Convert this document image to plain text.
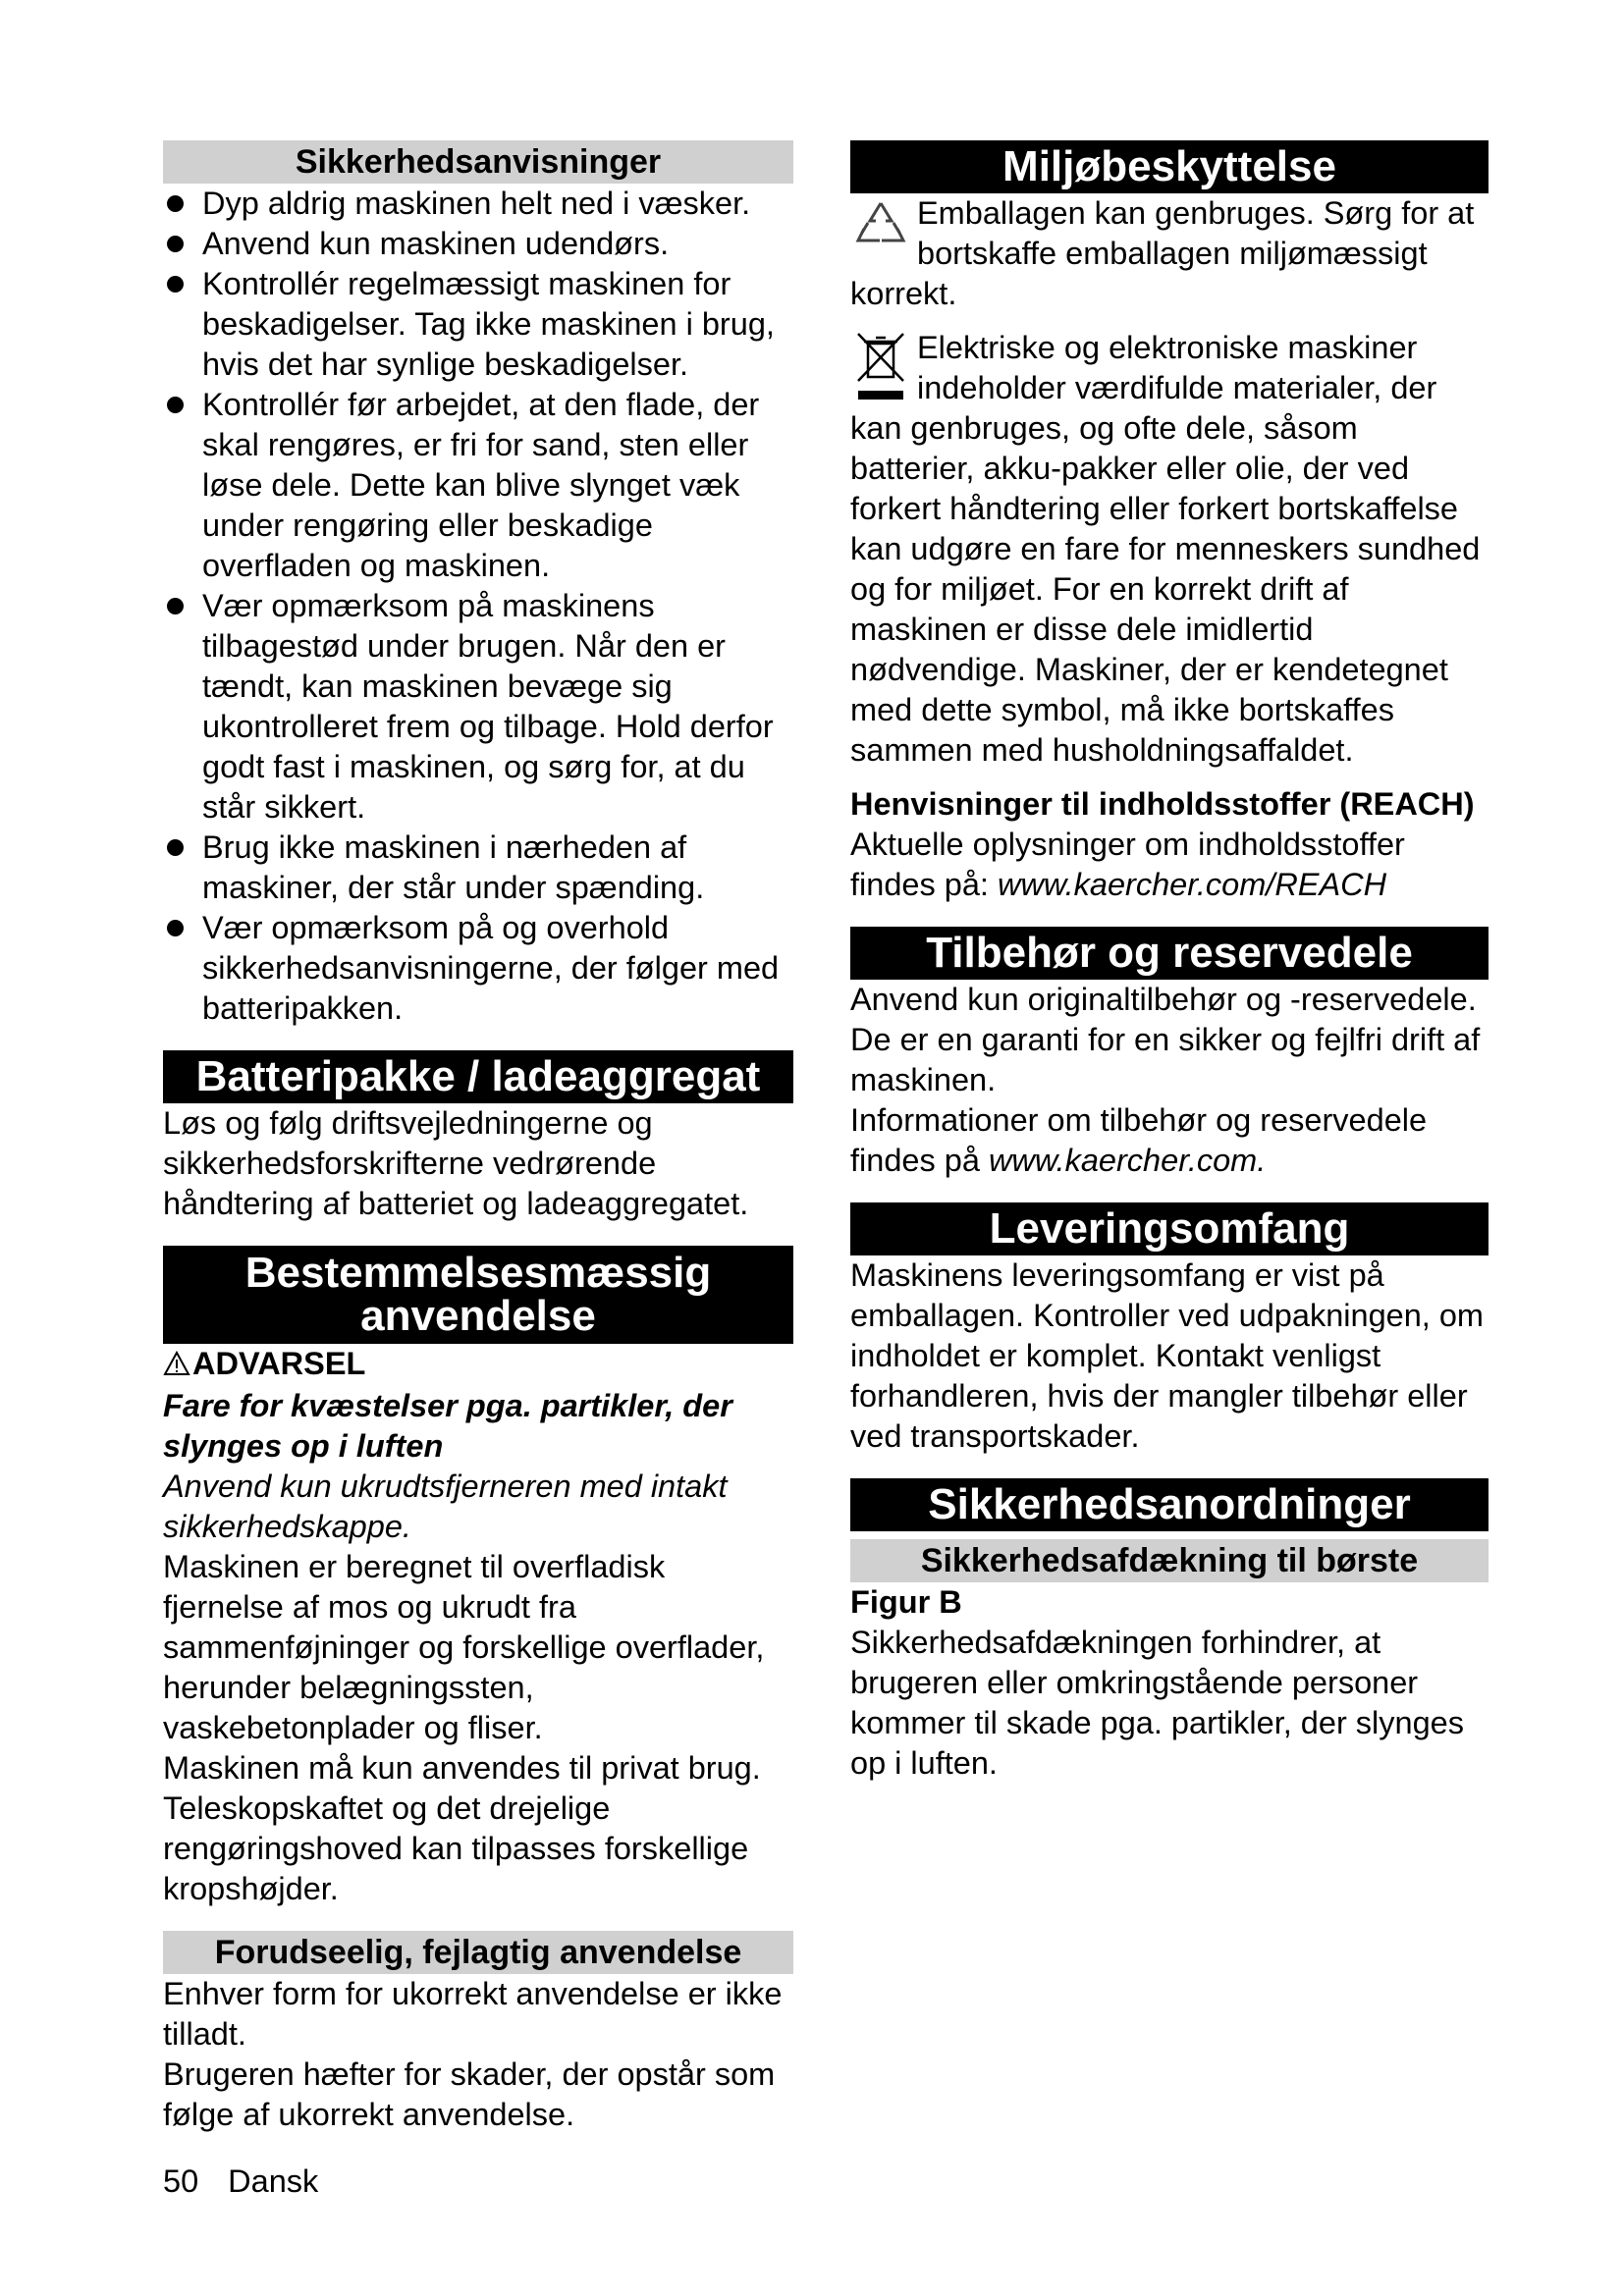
Sikkerhedsanvisninger
Dyp aldrig maskinen helt ned i væsker.
Anvend kun maskinen udendørs.
Kontrollér regelmæssigt maskinen for beskadigelser. Tag ikke maskinen i brug, hvis det har synlige beskadigelser.
Kontrollér før arbejdet, at den flade, der skal rengøres, er fri for sand, sten eller løse dele. Dette kan blive slynget væk under rengøring eller beskadige overfladen og maskinen.
Vær opmærksom på maskinens tilbagestød under brugen. Når den er tændt, kan maskinen bevæge sig ukontrolleret frem og tilbage. Hold derfor godt fast i maskinen, og sørg for, at du står sikkert.
Brug ikke maskinen i nærheden af maskiner, der står under spænding.
Vær opmærksom på og overhold sikkerhedsanvisningerne, der følger med batteripakken.
Batteripakke / ladeaggregat

Løs og følg driftsvejledningerne og sikkerhedsforskrifterne vedrørende håndtering af batteriet og ladeaggregatet.

Bestemmelsesmæssig
anvendelse

ADVARSEL

Fare for kvæstelser pga. partikler, der slynges op i luften

Anvend kun ukrudtsfjerneren med intakt sikkerhedskappe.

Maskinen er beregnet til overfladisk fjernelse af mos og ukrudt fra sammenføjninger og forskellige overflader, herunder belægningssten, vaskebetonplader og fliser.

Maskinen må kun anvendes til privat brug.

Teleskopskaftet og det drejelige rengøringshoved kan tilpasses forskellige kropshøjder.

Forudseelig, fejlagtig anvendelse

Enhver form for ukorrekt anvendelse er ikke tilladt.

Brugeren hæfter for skader, der opstår som følge af ukorrekt anvendelse.

Miljøbeskyttelse

Emballagen kan genbruges. Sørg for at bortskaffe emballagen miljømæssigt korrekt.

Elektriske og elektroniske maskiner indeholder værdifulde materialer, der kan genbruges, og ofte dele, såsom batterier, akku-pakker eller olie, der ved forkert håndtering eller forkert bortskaffelse kan udgøre en fare for menneskers sundhed og for miljøet. For en korrekt drift af maskinen er disse dele imidlertid nødvendige. Maskiner, der er kendetegnet med dette symbol, må ikke bortskaffes sammen med husholdningsaffaldet.

Henvisninger til indholdsstoffer (REACH)

Aktuelle oplysninger om indholdsstoffer findes på: www.kaercher.com/REACH

Tilbehør og reservedele

Anvend kun originaltilbehør og -reservedele. De er en garanti for en sikker og fejlfri drift af maskinen.

Informationer om tilbehør og reservedele findes på www.kaercher.com.

Leveringsomfang

Maskinens leveringsomfang er vist på emballagen. Kontroller ved udpakningen, om indholdet er komplet. Kontakt venligst forhandleren, hvis der mangler tilbehør eller ved transportskader.

Sikkerhedsanordninger
Sikkerhedsafdækning til børste

Figur B

Sikkerhedsafdækningen forhindrer, at brugeren eller omkringstående personer kommer til skade pga. partikler, der slynges op i luften.

50 Dansk
